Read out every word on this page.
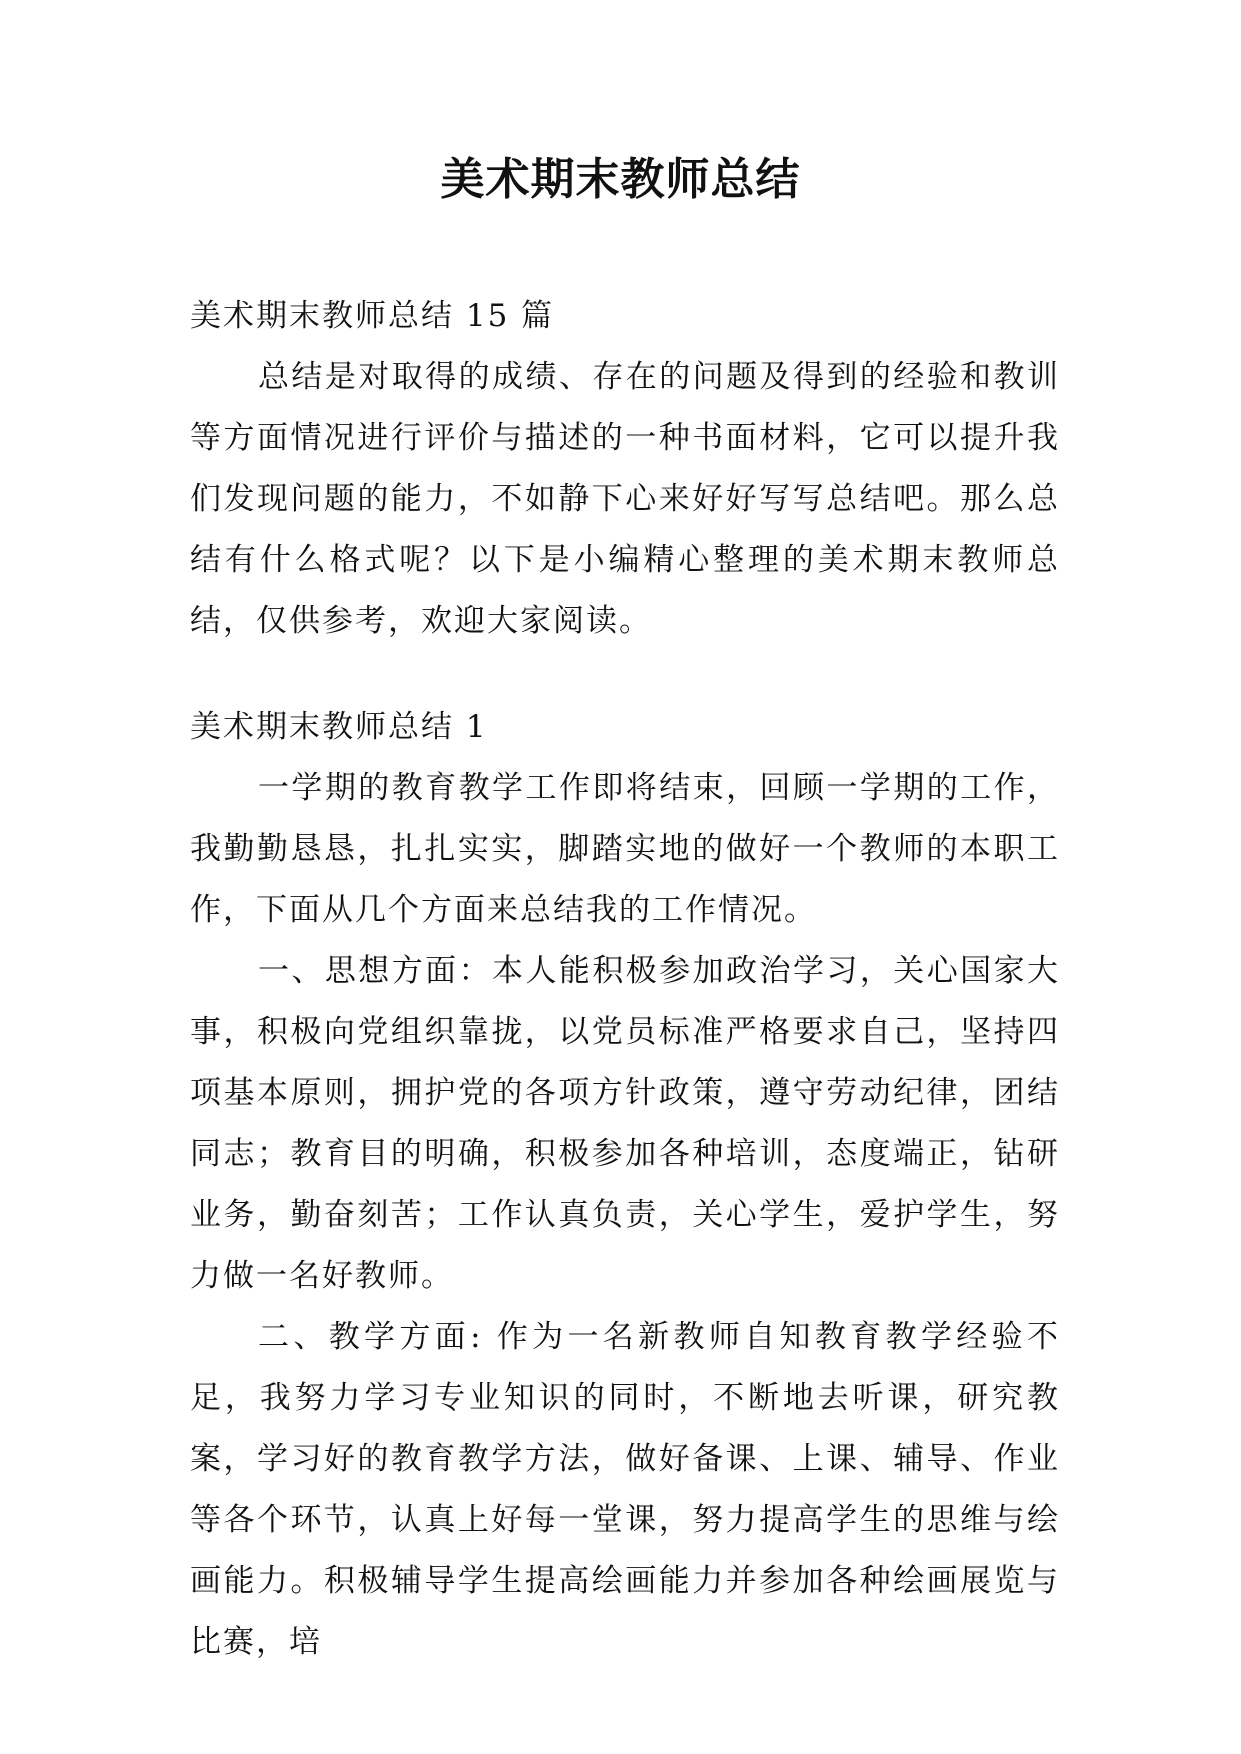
美术期末教师总结

美术期末教师总结 15 篇

总结是对取得的成绩、存在的问题及得到的经验和教训等方面情况进行评价与描述的一种书面材料，它可以提升我们发现问题的能力，不如静下心来好好写写总结吧。那么总结有什么格式呢？以下是小编精心整理的美术期末教师总结，仅供参考，欢迎大家阅读。

美术期末教师总结 1

一学期的教育教学工作即将结束，回顾一学期的工作，我勤勤恳恳，扎扎实实，脚踏实地的做好一个教师的本职工作，下面从几个方面来总结我的工作情况。

一、思想方面：本人能积极参加政治学习，关心国家大事，积极向党组织靠拢，以党员标准严格要求自己，坚持四项基本原则，拥护党的各项方针政策，遵守劳动纪律，团结同志；教育目的明确，积极参加各种培训，态度端正，钻研业务，勤奋刻苦；工作认真负责，关心学生，爱护学生，努力做一名好教师。

二、教学方面: 作为一名新教师自知教育教学经验不足，我努力学习专业知识的同时，不断地去听课，研究教案，学习好的教育教学方法，做好备课、上课、辅导、作业等各个环节，认真上好每一堂课，努力提高学生的思维与绘画能力。积极辅导学生提高绘画能力并参加各种绘画展览与比赛，培
